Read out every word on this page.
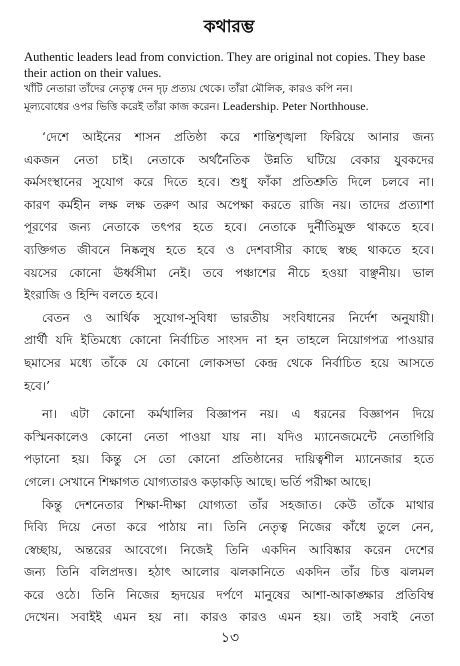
কথারম্ভ

Authentic leaders lead from conviction. They are original not copies. They base their action on their values.

খাঁটি নেতারা তাঁদের নেতৃত্ব দেন দৃঢ় প্রত্যয় থেকে। তাঁরা মৌলিক, কারও কপি নন।

মূল্যবোধের ওপর ভিত্তি করেই তাঁরা কাজ করেন। Leadership. Peter Northhouse.

‘দেশে আইনের শাসন প্রতিষ্ঠা করে শান্তিশৃঙ্খলা ফিরিয়ে আনার জন্য
একজন নেতা চাই। নেতাকে অর্থনৈতিক উন্নতি ঘটিয়ে বেকার যুবকদের
কর্মসংস্থানের সুযোগ করে দিতে হবে। শুধু ফাঁকা প্রতিশ্রুতি দিলে চলবে না।
কারণ কর্মহীন লক্ষ লক্ষ তরুণ আর অপেক্ষা করতে রাজি নয়। তাদের প্রত্যাশা
পূরণের জন্য নেতাকে তৎপর হতে হবে। নেতাকে দুর্নীতিমুক্ত থাকতে হবে।
ব্যক্তিগত জীবনে নিষ্কলুষ হতে হবে ও দেশবাসীর কাছে স্বচ্ছ থাকতে হবে।
বয়সের কোনো ঊর্ধ্বসীমা নেই। তবে পঞ্চাশের নীচে হওয়া বাঞ্ছনীয়। ভাল
ইংরাজি ও হিন্দি বলতে হবে।

বেতন ও আর্থিক সুযোগ-সুবিধা ভারতীয় সংবিধানের নির্দেশ অনুযায়ী।
প্রার্থী যদি ইতিমধ্যে কোনো নির্বাচিত সাংসদ না হন তাহলে নিয়োগপত্র পাওয়ার
ছমাসের মধ্যে তাঁকে যে কোনো লোকসভা কেন্দ্র থেকে নির্বাচিত হয়ে আসতে
হবে।’

না। এটা কোনো কর্মখালির বিজ্ঞাপন নয়। এ ধরনের বিজ্ঞাপন দিয়ে
কস্মিনকালেও কোনো নেতা পাওয়া যায় না। যদিও ম্যানেজমেন্টে নেতাগিরি
পড়ানো হয়। কিন্তু সে তো কোনো প্রতিষ্ঠানের দায়িত্বশীল ম্যানেজার হতে
গেলে। সেখানে শিক্ষাগত যোগ্যতারও কড়াকড়ি আছে। ভর্তি পরীক্ষা আছে।

কিন্তু দেশনেতার শিক্ষা-দীক্ষা যোগ্যতা তাঁর সহজাত। কেউ তাঁকে মাথার
দিব্যি দিয়ে নেতা করে পাঠায় না। তিনি নেতৃত্ব নিজের কাঁধে তুলে নেন,
স্বেচ্ছায়, অন্তরের আবেগে। নিজেই তিনি একদিন আবিষ্কার করেন দেশের
জন্য তিনি বলিপ্রদত্ত। হঠাৎ আলোর ঝলকানিতে একদিন তাঁর চিত্ত ঝলমল
করে ওঠে। তিনি নিজের হৃদয়ের দর্পণে মানুষের আশা-আকাঙ্ক্ষার প্রতিবিম্ব
দেখেন। সবাইই এমন হয় না। কারও কারও এমন হয়। তাই সবাই নেতা

১৩
